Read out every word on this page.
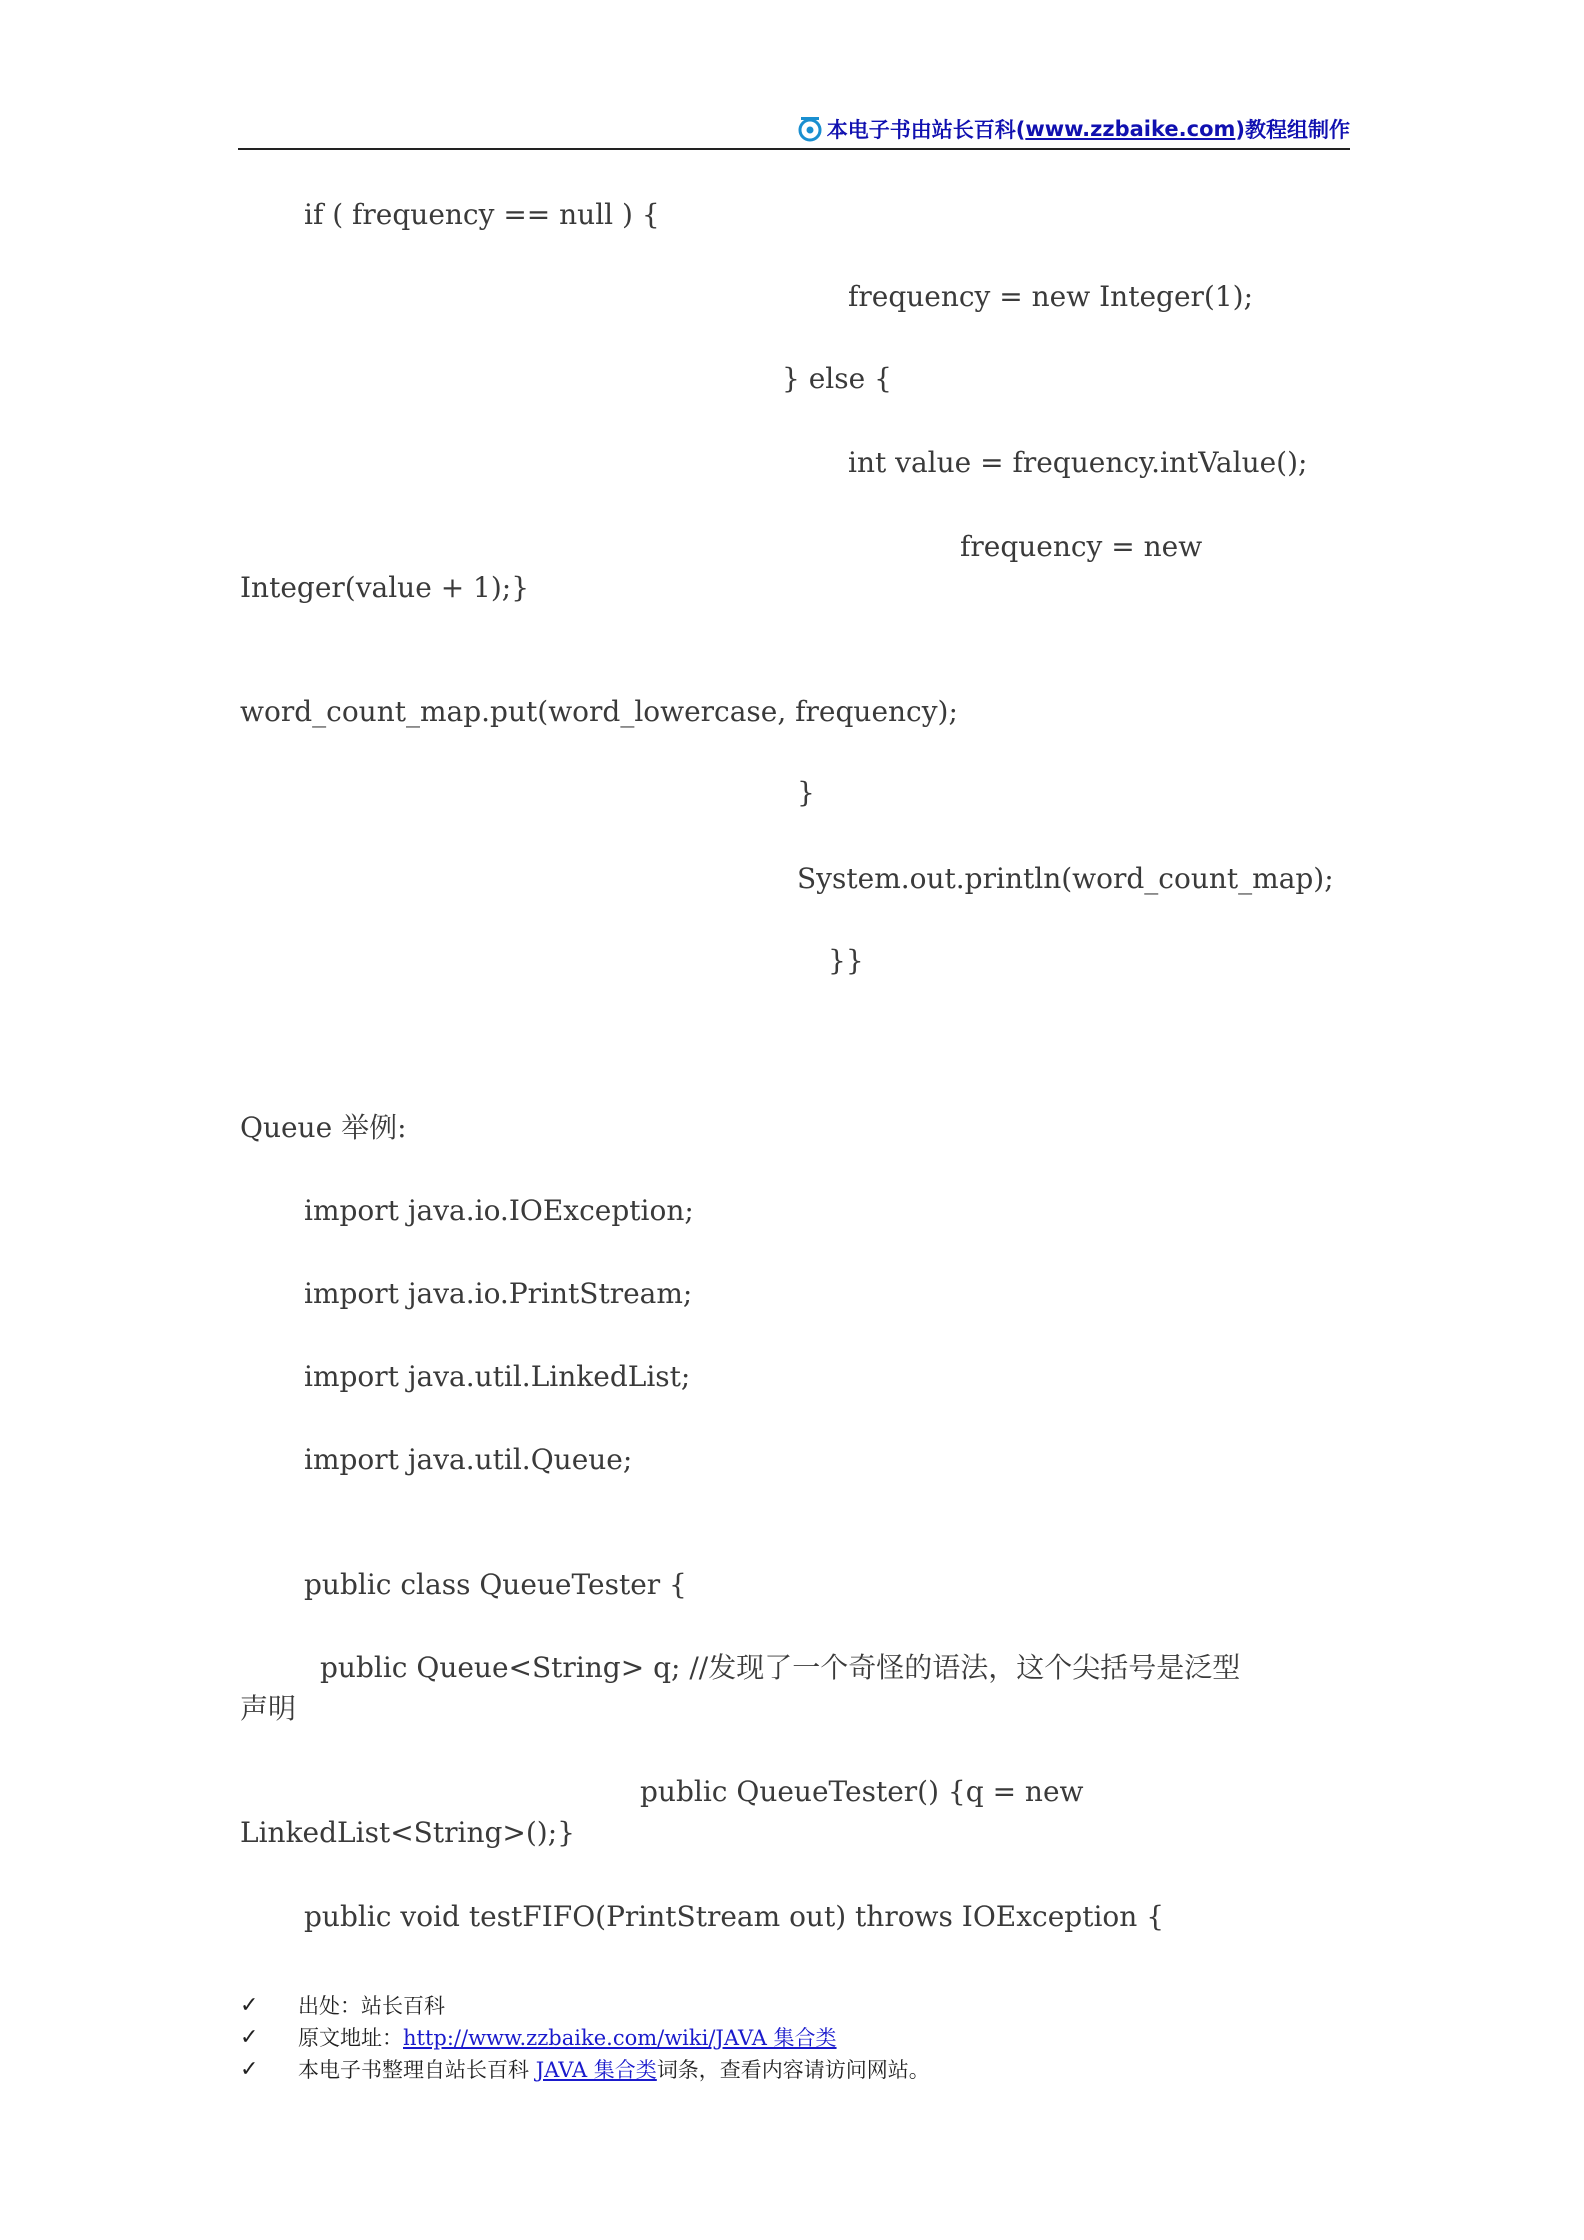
本电子书由站长百科( www.zzbaike.com )教程组制作
if ( frequency == null ) {
frequency = new Integer(1);
} else {
int value = frequency.intValue();
frequency = new
Integer(value + 1);}
word_count_map.put(word_lowercase, frequency);
}
System.out.println(word_count_map);
}}
Queue 举例:
import java.io.IOException;
import java.io.PrintStream;
import java.util.LinkedList;
import java.util.Queue;
public class QueueTester {
public Queue<String> q; //发现了一个奇怪的语法，这个尖括号是泛型
声明
public QueueTester() {q = new
LinkedList<String>();}
public void testFIFO(PrintStream out) throws IOException {
✓ 出处：站长百科
✓ 原文地址：http://www.zzbaike.com/wiki/JAVA 集合类
✓ 本电子书整理自站长百科 JAVA 集合类词条，查看内容请访问网站。
